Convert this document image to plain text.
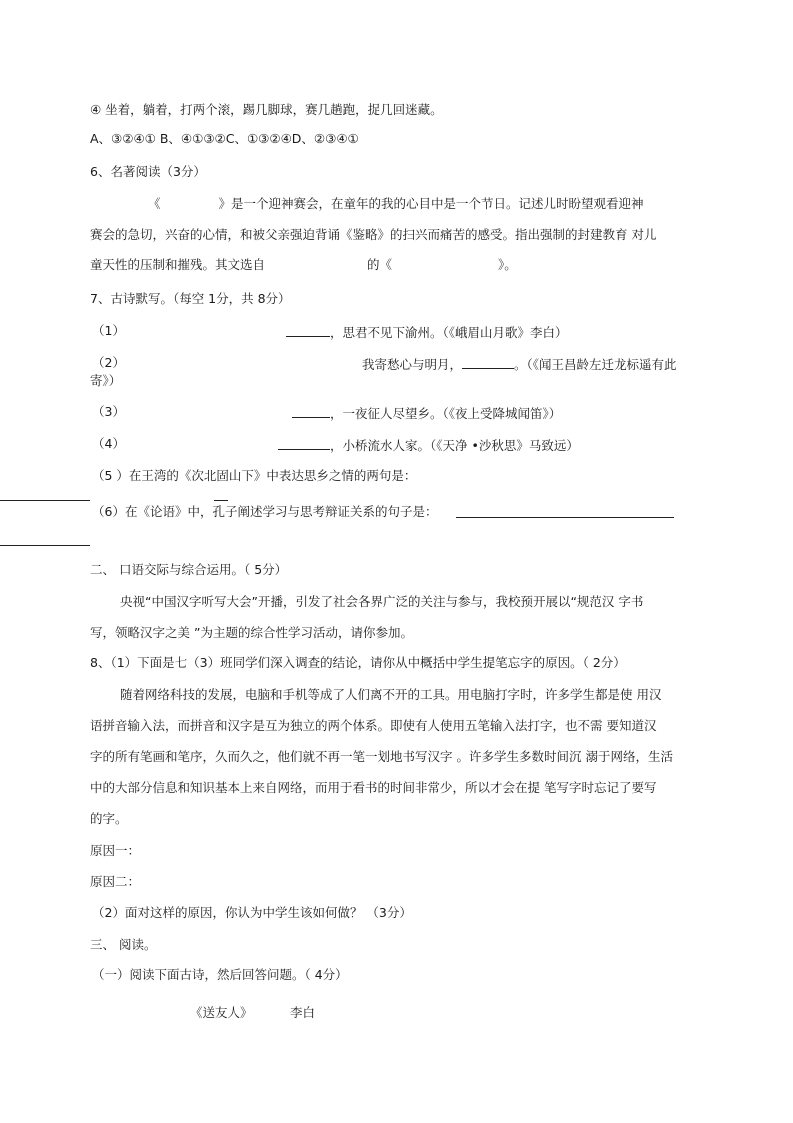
④ 坐着，躺着，打两个滚，踢几脚球，赛几趟跑，捉几回迷藏。
A、③②④① B、④①③②C、①③②④D、②③④①
6、名著阅读（3分）
《	》是一个迎神赛会，在童年的我的心目中是一个节日。记述儿时盼望观看迎神
赛会的急切，兴奋的心情，和被父亲强迫背诵《鉴略》的扫兴而痛苦的感受。指出强制的封建教育 对儿
童天性的压制和摧残。其文选自	的《	》。
7、古诗默写。（每空 1分，共 8分）
（1）	，思君不见下渝州。（《峨眉山月歌》李白）
（2）	我寄愁心与明月，	。（《闻王昌龄左迁龙标遥有此
寄》）
（3）	，一夜征人尽望乡。（《夜上受降城闻笛》）
（4）	，小桥流水人家。（《天净 •沙秋思》马致远）
（5 ）在王湾的《次北固山下》中表达思乡之情的两句是：
（6）在《论语》中，孔子阐述学习与思考辩证关系的句子是：
二、 口语交际与综合运用。（ 5分）
央视“中国汉字听写大会”开播，引发了社会各界广泛的关注与参与，我校预开展以“规范汉 字书
写，领略汉字之美 ”为主题的综合性学习活动，请你参加。
8、（1）下面是七（3）班同学们深入调查的结论，请你从中概括中学生提笔忘字的原因。（ 2分）
随着网络科技的发展，电脑和手机等成了人们离不开的工具。用电脑打字时，许多学生都是使 用汉
语拼音输入法，而拼音和汉字是互为独立的两个体系。即使有人使用五笔输入法打字，也不需 要知道汉
字的所有笔画和笔序，久而久之，他们就不再一笔一划地书写汉字 。许多学生多数时间沉 溺于网络，生活
中的大部分信息和知识基本上来自网络，而用于看书的时间非常少，所以才会在提 笔写字时忘记了要写
的字。
原因一：
原因二：
（2）面对这样的原因，你认为中学生该如何做？ （3分）
三、 阅读。
（一）阅读下面古诗，然后回答问题。（ 4分）
《送友人》	李白
